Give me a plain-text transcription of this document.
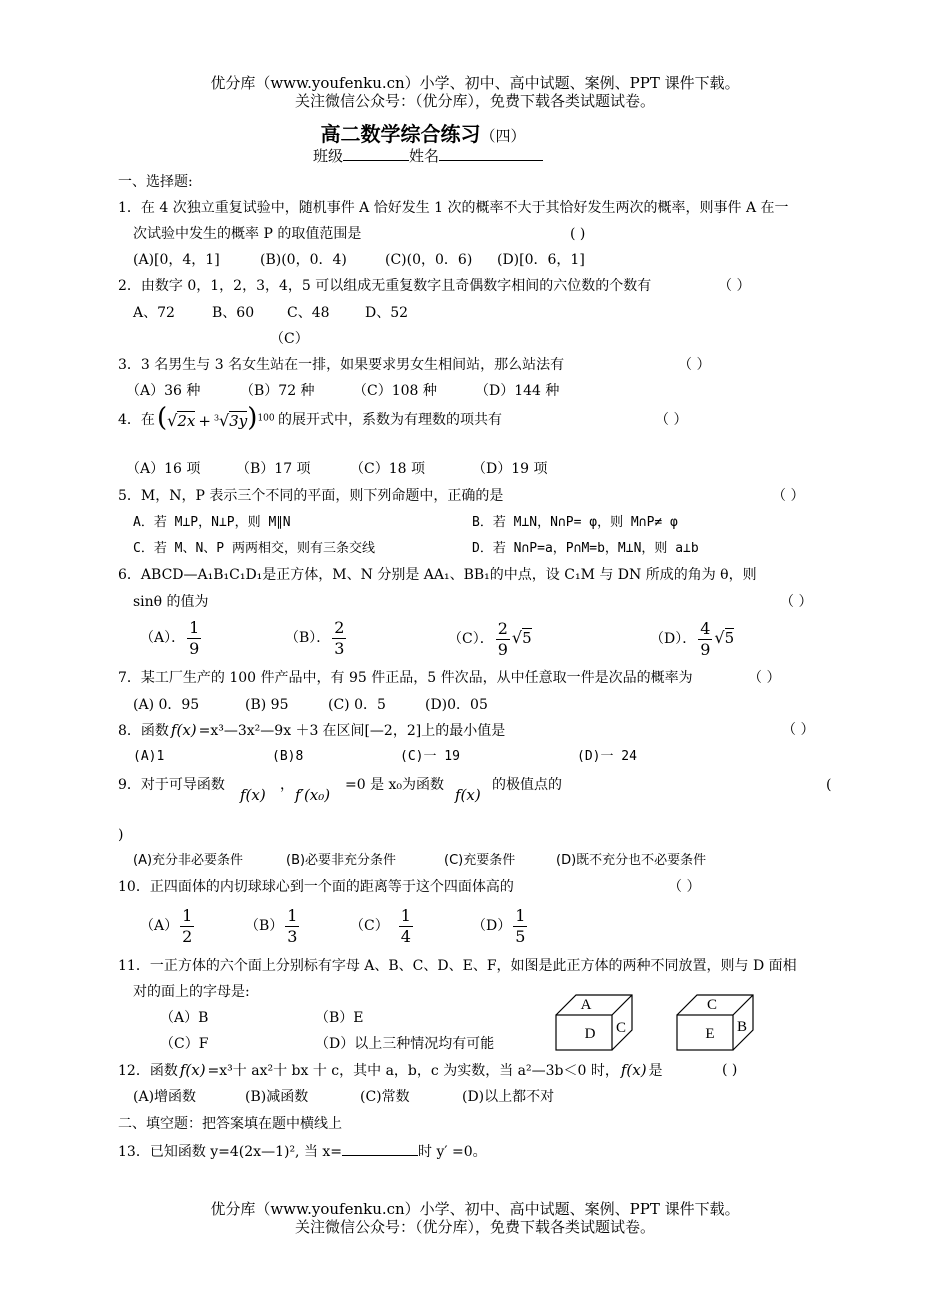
优分库（www.youfenku.cn）小学、初中、高中试题、案例、PPT 课件下载。
关注微信公众号：（优分库），免费下载各类试题试卷。
高二数学综合练习（四）
班级	姓名
一、选择题:
1．在 4 次独立重复试验中，随机事件 A 恰好发生 1 次的概率不大于其恰好发生两次的概率，则事件 A 在一
次试验中发生的概率 P 的取值范围是	( )
(A)[0，4，1]	(B)(0，0．4)	(C)(0，0．6) (D)[0．6，1]
2．由数字 0，1，2，3，4，5 可以组成无重复数字且奇偶数字相间的六位数的个数有	（ ）
A、72	B、60 C、48	D、52
（C）
3．3 名男生与 3 名女生站在一排，如果要求男女生相间站，那么站法有	（ ）
（A）36 种	（B）72 种	（C）108 种	（D）144 种
4．在 $(√2x + ^3√3y)^{100}$ 的展开式中，系数为有理数的项共有	（ ）
（A）16 项	（B）17 项	（C）18 项	（D）19 项
5．M，N，P 表示三个不同的平面，则下列命题中，正确的是	（ ）
A．若 M⊥P，N⊥P，则 M∥N	B．若 M⊥N，N∩P= φ，则 M∩P≠ φ
C．若 M、N、P 两两相交，则有三条交线	D．若 N∩P=a，P∩M=b，M⊥N，则 a⊥b
6．ABCD—A₁B₁C₁D₁是正方体，M、N 分别是 AA₁、BB₁的中点，设 C₁M 与 DN 所成的角为 θ，则
sinθ 的值为	（ ）
（A）． $\frac{1}{9}$	（B）． $\frac{2}{3}$	（C）． $\frac{2}{9} √5$	（D）． $\frac{4}{9} √5$
7．某工厂生产的 100 件产品中，有 95 件正品，5 件次品，从中任意取一件是次品的概率为	（ ）
(A) 0．95	(B) 95	(C) 0．5	(D)0．05
8．函数 f(x) =x³—3x²—9x ＋3 在区间[—2，2]上的最小值是	（ ）
(A)1	(B)8	(C)一 19	(D)一 24
9．对于可导函数
f(x)
，
f′(x₀)
=0 是 x₀为函数
f(x)
的极值点的	(
)
(A)充分非必要条件	(B)必要非充分条件	(C)充要条件	(D)既不充分也不必要条件
10．正四面体的内切球球心到一个面的距离等于这个四面体高的	（ ）
$(A) \frac{1}{2}$	$(B) \frac{1}{3}$	$(C) \frac{1}{4}$	$(D) \frac{1}{5}$
11．一正方体的六个面上分别标有字母 A、B、C、D、E、F，如图是此正方体的两种不同放置，则与 D 面相
对的面上的字母是:
（A）B	（B）E
（C）F	（D）以上三种情况均有可能
A
D C
C
E B
12．函数 f(x) =x³十 ax²十 bx 十 c，其中 a，b，c 为实数，当 a²—3b＜0 时， f(x) 是	( )
(A)增函数	(B)减函数	(C)常数	(D)以上都不对
二、填空题：把答案填在题中横线上
13．已知函数 y=4(2x—1)², 当 x=	时 y′ =0。
优分库（www.youfenku.cn）小学、初中、高中试题、案例、PPT 课件下载。
关注微信公众号：（优分库），免费下载各类试题试卷。
